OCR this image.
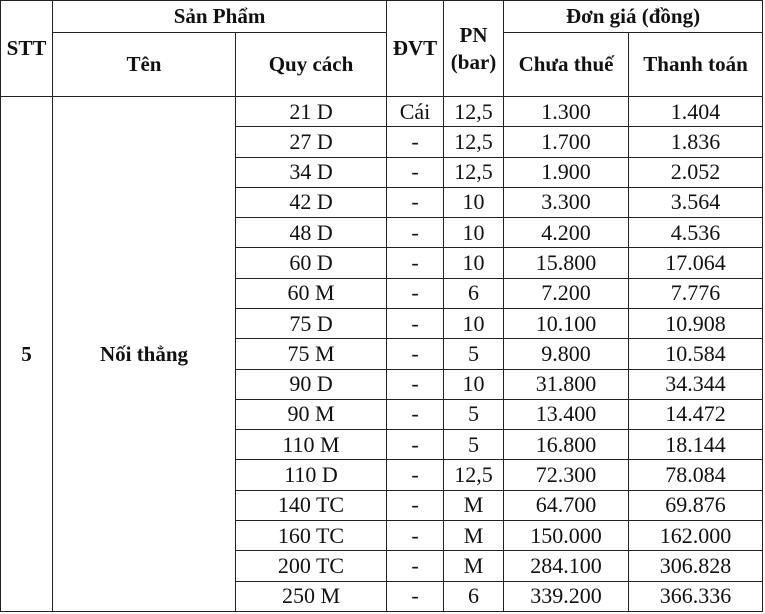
STT	Sản Phẩm		ĐVT	PN
(bar)	Đơn giá (đồng)	
	Tên	Quy cách			Chưa thuế	Thanh toán
5	Nối thẳng	21 D	Cái	12,5	1.300	1.404
		27 D	-	12,5	1.700	1.836
		34 D	-	12,5	1.900	2.052
		42 D	-	10	3.300	3.564
		48 D	-	10	4.200	4.536
		60 D	-	10	15.800	17.064
		60 M	-	6	7.200	7.776
		75 D	-	10	10.100	10.908
		75 M	-	5	9.800	10.584
		90 D	-	10	31.800	34.344
		90 M	-	5	13.400	14.472
		110 M	-	5	16.800	18.144
		110 D	-	12,5	72.300	78.084
		140 TC	-	M	64.700	69.876
		160 TC	-	M	150.000	162.000
		200 TC	-	M	284.100	306.828
		250 M	-	6	339.200	366.336
